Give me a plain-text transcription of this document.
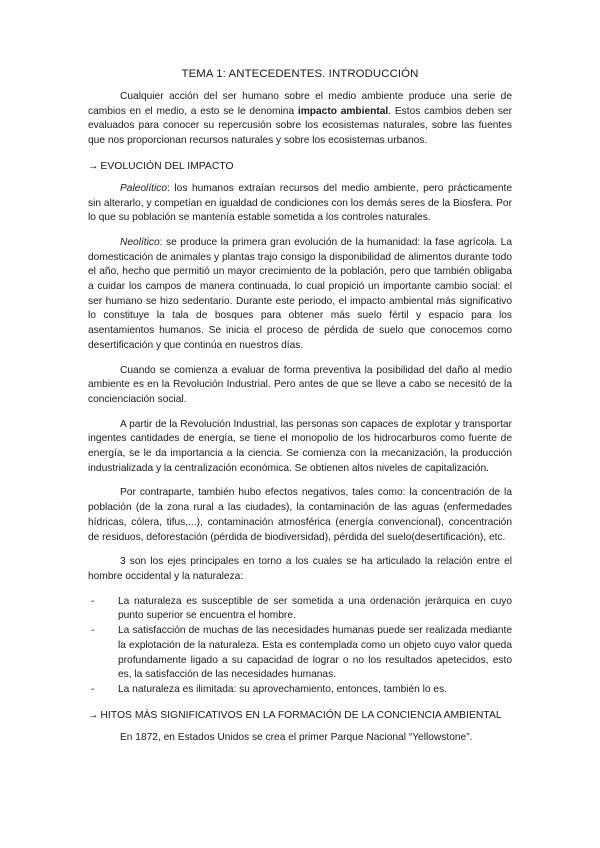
TEMA 1: ANTECEDENTES. INTRODUCCIÓN

Cualquier acción del ser humano sobre el medio ambiente produce una serie de cambios en el medio, a esto se le denomina impacto ambiental. Estos cambios deben ser evaluados para conocer su repercusión sobre los ecosistemas naturales, sobre las fuentes que nos proporcionan recursos naturales y sobre los ecosistemas urbanos.

→ EVOLUCIÓN DEL IMPACTO

Paleolítico: los humanos extraían recursos del medio ambiente, pero prácticamente sin alterarlo, y competían en igualdad de condiciones con los demás seres de la Biosfera. Por lo que su población se mantenía estable sometida a los controles naturales.

Neolítico: se produce la primera gran evolución de la humanidad: la fase agrícola. La domesticación de animales y plantas trajo consigo la disponibilidad de alimentos durante todo el año, hecho que permitió un mayor crecimiento de la población, pero que también obligaba a cuidar los campos de manera continuada, lo cual propició un importante cambio social: el ser humano se hizo sedentario. Durante este periodo, el impacto ambiental más significativo lo constituye la tala de bosques para obtener más suelo fértil y espacio para los asentamientos humanos. Se inicia el proceso de pérdida de suelo que conocemos como desertificación y que continúa en nuestros días.

Cuando se comienza a evaluar de forma preventiva la posibilidad del daño al medio ambiente es en la Revolución Industrial. Pero antes de que se lleve a cabo se necesitó de la concienciación social.

A partir de la Revolución Industrial, las personas son capaces de explotar y transportar ingentes cantidades de energía, se tiene el monopolio de los hidrocarburos como fuente de energía, se le da importancia a la ciencia. Se comienza con la mecanización, la producción industrializada y la centralización económica. Se obtienen altos niveles de capitalización.

Por contraparte, también hubo efectos negativos, tales como: la concentración de la población (de la zona rural a las ciudades), la contaminación de las aguas (enfermedades hídricas, cólera, tifus,...), contaminación atmosférica (energía convencional), concentración de residuos, deforestación (pérdida de biodiversidad), pérdida del suelo(desertificación), etc.

3 son los ejes principales en torno a los cuales se ha articulado la relación entre el hombre occidental y la naturaleza:

- La naturaleza es susceptible de ser sometida a una ordenación jerárquica en cuyo punto superior se encuentra el hombre.
- La satisfacción de muchas de las necesidades humanas puede ser realizada mediante la explotación de la naturaleza. Esta es contemplada como un objeto cuyo valor queda profundamente ligado a su capacidad de lograr o no los resultados apetecidos, esto es, la satisfacción de las necesidades humanas.
- La naturaleza es ilimitada: su aprovechamiento, entonces, también lo es.
→ HITOS MÁS SIGNIFICATIVOS EN LA FORMACIÓN DE LA CONCIENCIA AMBIENTAL

En 1872, en Estados Unidos se crea el primer Parque Nacional “Yellowstone”.
